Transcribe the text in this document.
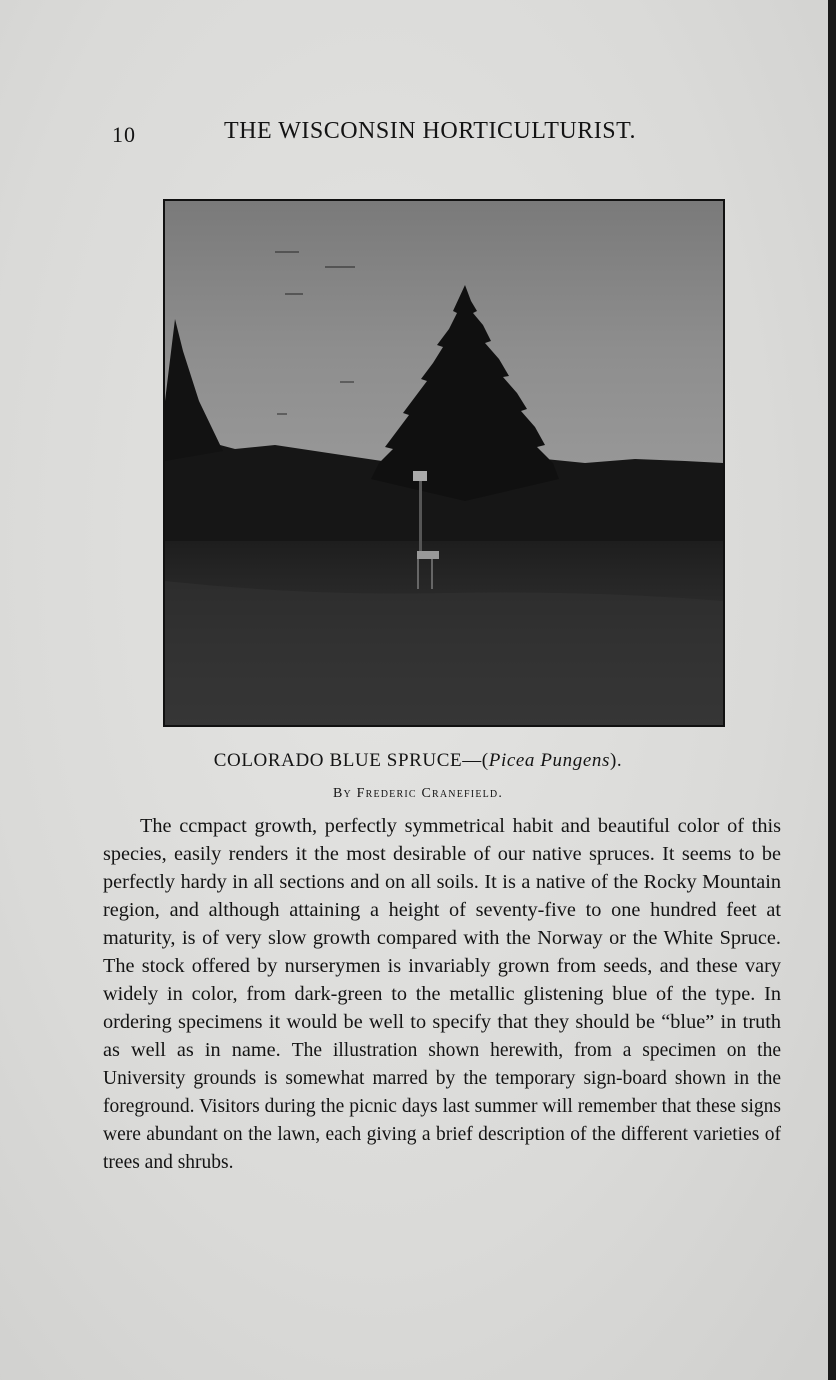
10	THE WISCONSIN HORTICULTURIST.
COLORADO BLUE SPRUCE—(Picea Pungens).
By Frederic Cranefield.

The ccmpact growth, perfectly symmetrical habit and beautiful color of this species, easily renders it the most desirable of our native spruces. It seems to be perfectly hardy in all sections and on all soils. It is a native of the Rocky Mountain region, and although attaining a height of seventy-five to one hundred feet at maturity, is of very slow growth compared with the Norway or the White Spruce. The stock offered by nurserymen is invariably grown from seeds, and these vary widely in color, from dark-green to the metallic glistening blue of the type. In ordering specimens it would be well to specify that they should be “blue” in truth as well as in name. The illustration shown herewith, from a specimen on the University grounds is somewhat marred by the temporary sign-board shown in the foreground. Visitors during the picnic days last summer will remember that these signs were abundant on the lawn, each giving a brief description of the different varieties of trees and shrubs.
